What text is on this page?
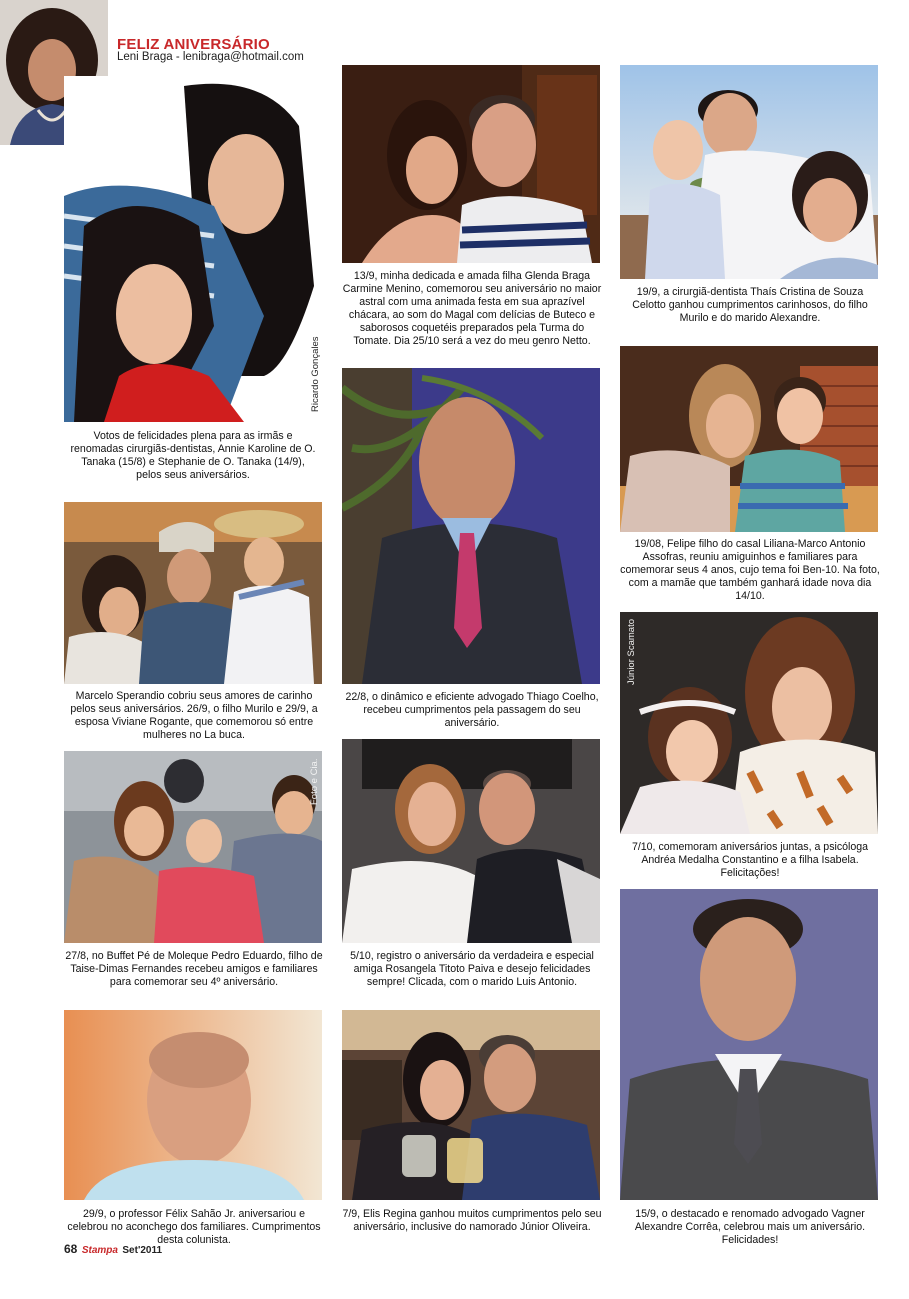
FELIZ ANIVERSÁRIO
Leni Braga - lenibraga@hotmail.com
Ricardo Gonçales
Votos de felicidades plena para as irmãs e renomadas cirurgiãs-dentistas, Annie Karoline de O. Tanaka (15/8) e Stephanie de O. Tanaka (14/9), pelos seus aniversários.
Marcelo Sperandio cobriu seus amores de carinho pelos seus aniversários. 26/9, o filho Murilo e 29/9, a esposa Viviane Rogante, que comemorou só entre mulheres no La buca.
Foto e Cia.
27/8, no Buffet Pé de Moleque Pedro Eduardo, filho de Taise-Dimas Fernandes recebeu amigos e familiares para comemorar seu 4º aniversário.
29/9, o professor Félix Sahão Jr. aniversariou e celebrou no aconchego dos familiares. Cumprimentos desta colunista.
13/9, minha dedicada e amada filha Glenda Braga Carmine Menino, comemorou seu aniversário no maior astral com uma animada festa em sua aprazível chácara, ao som do Magal com delícias de Buteco e saborosos coquetéis preparados pela Turma do Tomate. Dia 25/10 será a vez do meu genro Netto.
22/8, o dinâmico e eficiente advogado Thiago Coelho, recebeu cumprimentos pela passagem do seu aniversário.
5/10, registro o aniversário da verdadeira e especial amiga Rosangela Titoto Paiva e desejo felicidades sempre! Clicada, com o marido Luis Antonio.
7/9, Elis Regina ganhou muitos cumprimentos pelo seu aniversário, inclusive do namorado Júnior Oliveira.
19/9, a cirurgiã-dentista Thaís Cristina de Souza Celotto ganhou cumprimentos carinhosos, do filho Murilo e do marido Alexandre.
19/08, Felipe filho do casal Liliana-Marco Antonio Assofras, reuniu amiguinhos e familiares para comemorar seus 4 anos, cujo tema foi Ben-10. Na foto, com a mamãe que também ganhará idade nova dia 14/10.
Júnior Scamato
7/10, comemoram aniversários juntas, a psicóloga Andréa Medalha Constantino e a filha Isabela. Felicitações!
15/9, o destacado e renomado advogado Vagner Alexandre Corrêa, celebrou mais um aniversário. Felicidades!
68 Stampa Set'2011
